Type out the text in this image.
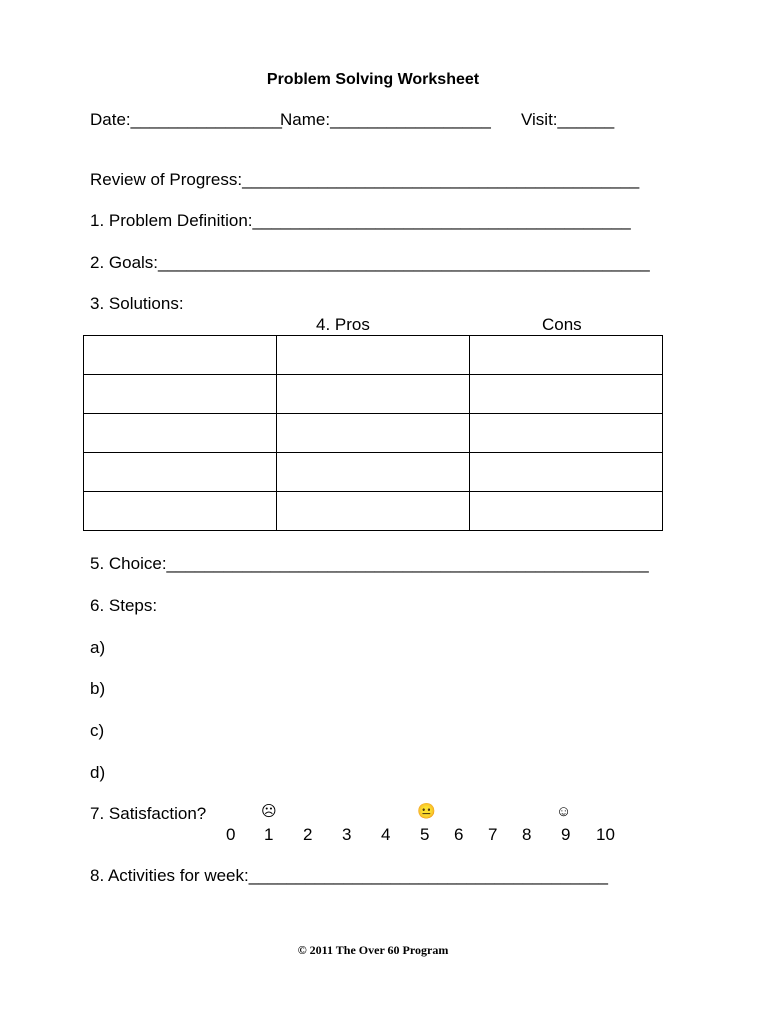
Problem Solving Worksheet
Date:________________
Name:_________________ Visit:______
Review of Progress:__________________________________________
1. Problem Definition:________________________________________
2. Goals:____________________________________________________
3. Solutions:
4. Pros	Cons

5. Choice:___________________________________________________
6. Steps:
a)
b)
c)
d)
7. Satisfaction?	☹	😐	☺
0 1 2 3 4 5 6 7 8 9 10
8. Activities for week:______________________________________
© 2011 The Over 60 Program
